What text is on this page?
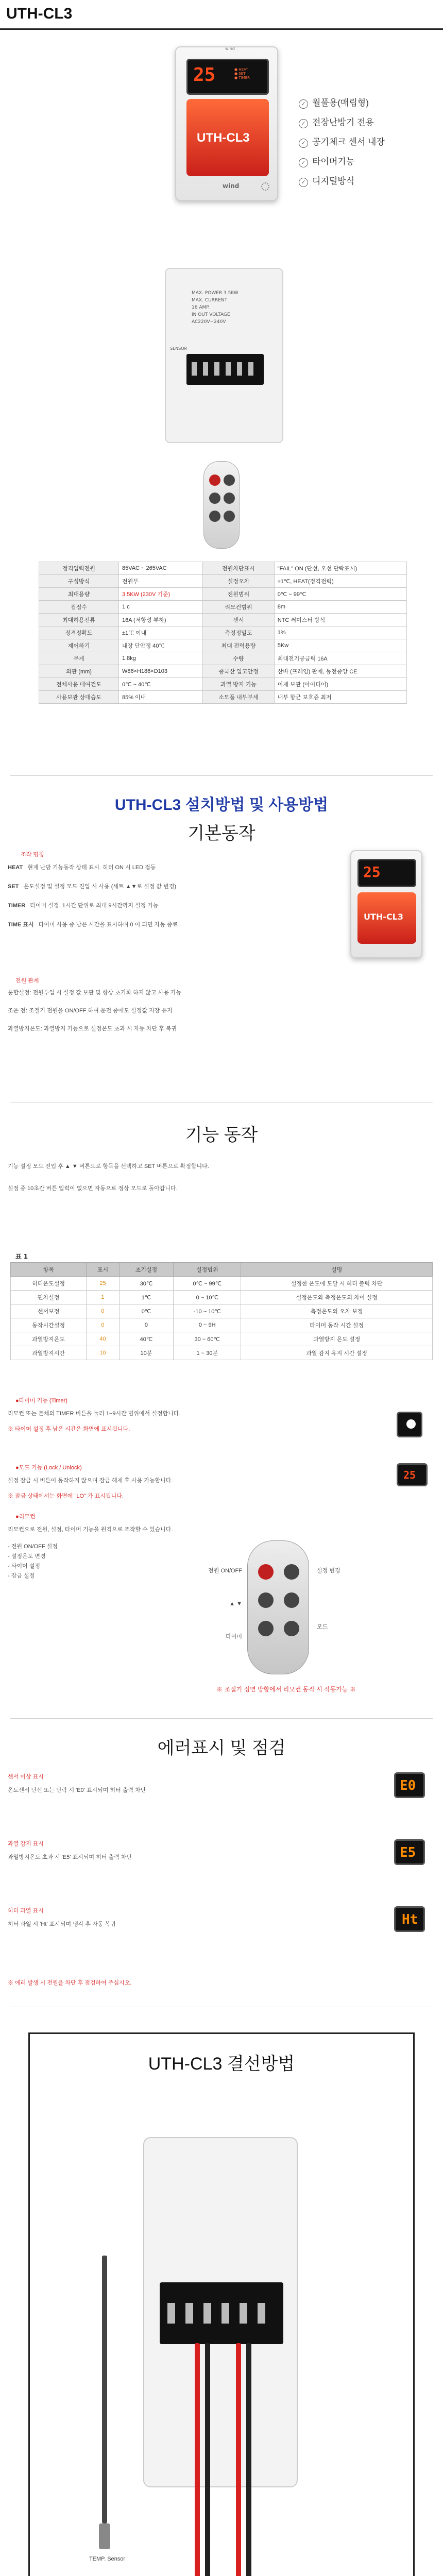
UTH-CL3
wind
25	● HEAT
● SET
● TIMER
UTH-CL3
wind
✓ 월풀용(매립형)
✓ 전장난방기 전용
✓ 공기체크 센서 내장
✓ 타이머기능
✓ 디지털방식
MAX. POWER 3.5KW
MAX. CURRENT
16 AMP.
IN OUT VOLTAGE
AC220V~240V
SENSOR
정격입력전원	85VAC ~ 265VAC	전원차단표시	"FAIL" ON (단선, 오선 단락표시)
구성방식	전원부	설정오차	±1℃, HEAT(정격전력)
최대용량	3.5KW (230V 기준)	전원범위	0℃ ~ 99℃
접점수	1 c	리모컨범위	8m
최대허용전류	16A (저항성 부하)	센서	NTC 써미스터 방식
정격정확도	±1℃ 이내	측정정밀도	1%
제어하기	내장 단안정 40℃	최대 전력용량	5Kw
무게	1.8kg	수량	최대전기공급력 16A
외관 (mm)	W86×H186×D103	중국산 입고안정	산바 (프레임) 판매, 동전중앙 CE
전체사용 대여건도	0℃ ~ 40℃	과열 방지 기능	이제 보관 (아이디어)
사용보관 상대습도	85% 이내	소모품 내부부세	내부 항균 보호증 최저
UTH-CL3 설치방법 및 사용방법
기본동작
조작 명칭
HEAT 현재 난방 기능동작 상태 표시. 히터 ON 시 LED 점등
SET 온도설정 및 설정 모드 진입 시 사용 (세트 ▲▼로 설정 값 변경)
TIMER 타이머 설정. 1시간 단위로 최대 9시간까지 설정 가능
TIME 표시 타이머 사용 중 남은 시간을 표시하며 0 이 되면 자동 종료
25
UTH-CL3
전원 관계
통합설정: 전원투입 시 설정 값 보관 및 항상 초기화 하지 않고 사용 가능
조온 전: 조절기 전원을 ON/OFF 하여 운전 중에도 설정값 저장 유지
과열방지온도: 과열방지 기능으로 설정온도 초과 시 자동 차단 후 복귀
기능 동작
기능 설정 모드 진입 후 ▲ ▼ 버튼으로 항목을 선택하고 SET 버튼으로 확정합니다.
설정 중 10초간 버튼 입력이 없으면 자동으로 정상 모드로 돌아갑니다.
표 1
항목	표시	초기설정	설정범위	설명
히터온도설정	25	30℃	0℃ ~ 99℃	설정한 온도에 도달 시 히터 출력 차단
편차설정	1	1℃	0 ~ 10℃	설정온도와 측정온도의 차이 설정
센서보정	0	0℃	-10 ~ 10℃	측정온도의 오차 보정
동작시간설정	0	0	0 ~ 9H	타이머 동작 시간 설정
과열방지온도	40	40℃	30 ~ 60℃	과열방지 온도 설정
과열방지시간	10	10분	1 ~ 30분	과열 감지 유지 시간 설정
●타이머 기능 (Timer)
리모컨 또는 본체의 TIMER 버튼을 눌러 1~9시간 범위에서 설정합니다.
※ 타이머 설정 후 남은 시간은 화면에 표시됩니다.
●모드 기능 (Lock / Unlock)
설정 잠금 시 버튼이 동작하지 않으며 잠금 해제 후 사용 가능합니다.
※ 잠금 상태에서는 화면에 "LO" 가 표시됩니다.
25
●리모컨
리모컨으로 전원, 설정, 타이머 기능을 원격으로 조작할 수 있습니다.
- 전원 ON/OFF 설정
- 설정온도 변경
- 타이머 설정
- 잠금 설정
전원 ON/OFF
▲ ▼
타이머
설정 변경
모드
※ 조절기 정면 방향에서 리모컨 동작 시 작동가능 ※
에러표시 및 점검
센서 이상 표시
온도센서 단선 또는 단락 시 'E0' 표시되며 히터 출력 차단	E0
과열 감지 표시
과열방지온도 초과 시 'E5' 표시되며 히터 출력 차단	E5
히터 과열 표시
히터 과열 시 'Ht' 표시되며 냉각 후 자동 복귀	Ht
※ 에러 발생 시 전원을 차단 후 점검하여 주십시오.
UTH-CL3 결선방법
TEMP. Sensor
